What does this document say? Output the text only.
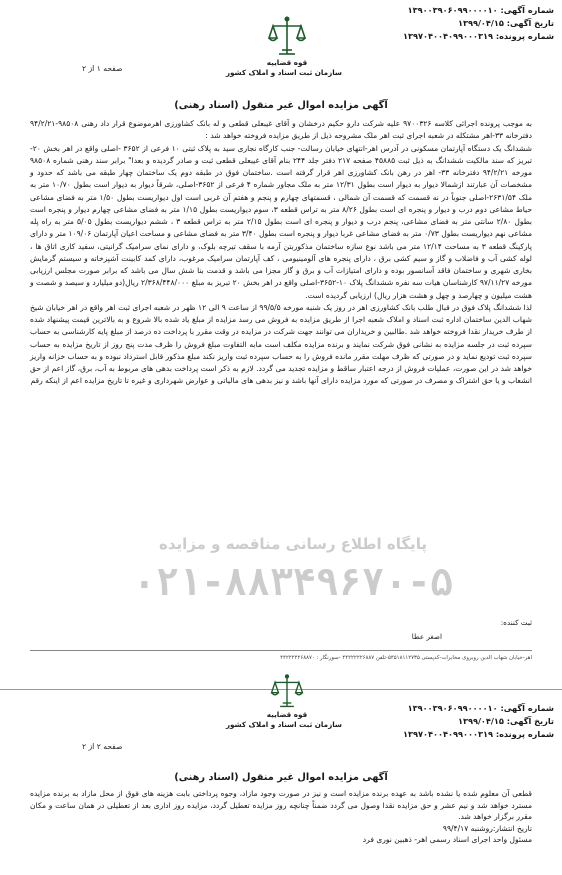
شماره آگهی: ۱۳۹۰۰۳۹۰۶۰۹۹۰۰۰۰۱۰
تاریخ آگهی: ۱۳۹۹/۰۴/۱۵
شماره پرونده: ۱۳۹۷۰۴۰۰۴۰۹۹۰۰۰۳۱۹
قوه قضاییه
سازمان ثبت اسناد و املاک کشور
صفحه ۱ از ۲
آگهی مزایده اموال غیر منقول (اسناد رهنی)

به موجب پرونده اجرائی کلاسه ۹۷۰۰۳۲۶ علیه شرکت دارو حکیم درخشان و آقای غیبعلی قطعی و له بانک کشاورزی اهرموضوع قرار داد رهنی ۹۸۵۰۸-۹۴/۲/۲۱ دفترخانه ۳۳-اهر مشتکله در شعبه اجرای ثبت اهر ملک مشروحه ذیل از طریق مزایده فروخته خواهد شد :

ششدانگ یک دستگاه آپارتمان مسکونی در آدرس اهر-انتهای خیابان رسالت- جنب کارگاه نجاری سید به پلاک ثبتی ۱۰ فرعی از ۳۶۵۲ -اصلی واقع در اهر بخش ۲۰- تبریز که سند مالکیت ششدانگ به ذیل ثبت ۴۵۸۸۵ صفحه ۲۱۷ دفتر جلد ۲۴۴ بنام آقای غیبعلی قطعی ثبت و صادر گردیده و بعدا" برابر سند رهنی شماره ۹۸۵۰۸ مورخه ۹۴/۲/۲۱ دفترخانه ۳۳- اهر در رهن بانک کشاورزی اهر قرار گرفته است .ساختمان فوق در طبقه دوم یک ساختمان چهار طبقه می باشد که حدود و مشخصات آن عبارتند ازشمالا دیوار به دیوار است بطول ۱۲/۳۱ متر به ملک مجاور شماره ۴ فرعی از ۳۶۵۲-اصلی، شرقاً دیوار به دیوار است بطول ۱۰/۷۰ متر به ملک ۲۶۳۱/۵۴-اصلی جنوباً در نه قسمت که قسمت آن شمالی ، قسمتهای چهارم و پنجم و هفتم آن غربی است اول دیواریست بطول ۱/۵۰ متر به فضای مشاعی حیاط مشاعی دوم درب و دیوار و پنجره ای است بطول ۸/۲۶ متر به تراس قطعه ۳، سوم دیواریست بطول ۱/۱۵ متر به فضای مشاعی چهارم دیوار و پنجره است بطول ۲/۸۰ سانتی متر به فضای مشاعی، پنجم درب و دیوار و پنجره ای است بطول ۲/۱۵ متر به تراس قطعه ۳ ، ششم دیواریست بطول ۵/۰۵ متر به راه پله مشاعی نهم دیواریست بطول ۰/۷۳ متر به فضای مشاعی غربا دیوار و پنجره است بطول ۳/۴۰ متر به فضای مشاعی و مساحت اعیان آپارتمان ۱۰۹/۰۶ متر و دارای پارکینگ قطعه ۳ به مساحت ۱۲/۱۴ متر می باشد نوع سازه ساختمان مذکوربتن آرمه با سقف تیرچه بلوک، و دارای نمای سرامیک گرانیتی، سفید کاری اتاق ها ، لوله کشی آب و فاضلاب و گاز و سیم کشی برق ، دارای پنجره های آلومینیومی ، کف آپارتمان سرامیک مرغوب، دارای کمد کابینت آشپزخانه و سیستم گرمایش بخاری شهری و ساختمان فاقد آسانسور بوده و دارای امتیازات آب و برق و گاز مجزا می باشد و قدمت بنا شش سال می باشد که برابر صورت مجلس ارزیابی مورخه ۹۷/۱۱/۲۷ کارشناسان هیات سه نفره ششدانگ پلاک ۱۰-۳۶۵۲-اصلی واقع در اهر بخش ۲۰ تبریز به مبلغ ۲/۳۶۸/۴۴۸/۰۰۰ ریال(دو میلیارد و سیصد و شصت و هشت میلیون و چهارصد و چهل و هشت هزار ریال) ارزیابی گردیده است.

لذا ششدانگ پلاک فوق در قبال طلب بانک کشاورزی اهر در روز یک شنبه مورخه ۹۹/۵/۵ از ساعت ۹ الی ۱۲ ظهر در شعبه اجرای ثبت اهر واقع در اهر خیابان شیخ شهاب الدین ساختمان اداره ثبت اسناد و املاک شعبه اجرا از طریق مزایده به فروش می رسد مزایده از مبلغ یاد شده بالا شروع و به بالاترین قیمت پیشنهاد شده از طرف خریدار نقدا فروخته خواهد شد .طالبین و خریداران می توانند جهت شرکت در مزایده در وقت مقرر با پرداخت ده درصد از مبلغ پایه کارشناسی به حساب سپرده ثبت در جلسه مزایده به نشانی فوق شرکت نمایند و برنده مزایده مکلف است مابه التفاوت مبلغ فروش را ظرف مدت پنج روز از تاریخ مزایده به حساب سپرده ثبت تودیع نماید و در صورتی که ظرف مهلت مقرر مانده فروش را به حساب سپرده ثبت واریز نکند مبلغ مذکور قابل استرداد نبوده و به حساب خزانه واریز خواهد شد در این صورت، عملیات فروش از درجه اعتبار ساقط و مزایده تجدید می گردد. لازم به ذکر است پرداخت بدهی های مربوط به آب، برق، گاز اعم از حق انشعاب و یا حق اشتراک و مصرف در صورتی که مورد مزایده دارای آنها باشد و نیز بدهی های مالیاتی و عوارض شهرداری و غیره تا تاریخ مزایده اعم از اینکه رقم

پایگاه اطلاع رسانی مناقصه و مزایده
۰۲۱-۸۸۳۴۹۶۷۰-۵
ثبت کننده:
اصغر عطا
اهر-خیابان شهاب الدین روبروی مخابرات-کدپستی ۵۴۵۱۸۱۱۲۷۳۵-تلفن ۴۴۲۲۲۲۲۶۸۸۷ -سورنگار : ۴۴۲۲۲۲۲۶۸۸۷۰
شماره آگهی: ۱۳۹۰۰۳۹۰۶۰۹۹۰۰۰۰۱۰
تاریخ آگهی: ۱۳۹۹/۰۴/۱۵
شماره پرونده: ۱۳۹۷۰۴۰۰۴۰۹۹۰۰۰۳۱۹
قوه قضاییه
سازمان ثبت اسناد و املاک کشور
صفحه ۲ از ۲
آگهی مزایده اموال غیر منقول (اسناد رهنی)

قطعی آن معلوم شده یا نشده باشد به عهده برنده مزایده است و نیز در صورت وجود مازاد، وجوه پرداختی بابت هزینه های فوق از محل مازاد به برنده مزایده مسترد خواهد شد و نیم عشر و حق مزایده نقدا وصول می گردد ضمناً چنانچه روز مزایده تعطیل گردد، مزایده روز اداری بعد از تعطیلی در همان ساعت و مکان مقرر برگزار خواهد شد.

تاریخ انتشار:روشنبه ۹۹/۴/۱۷

مسئول واحد اجرای اسناد رسمی اهر- ذهبین نوری فرد
